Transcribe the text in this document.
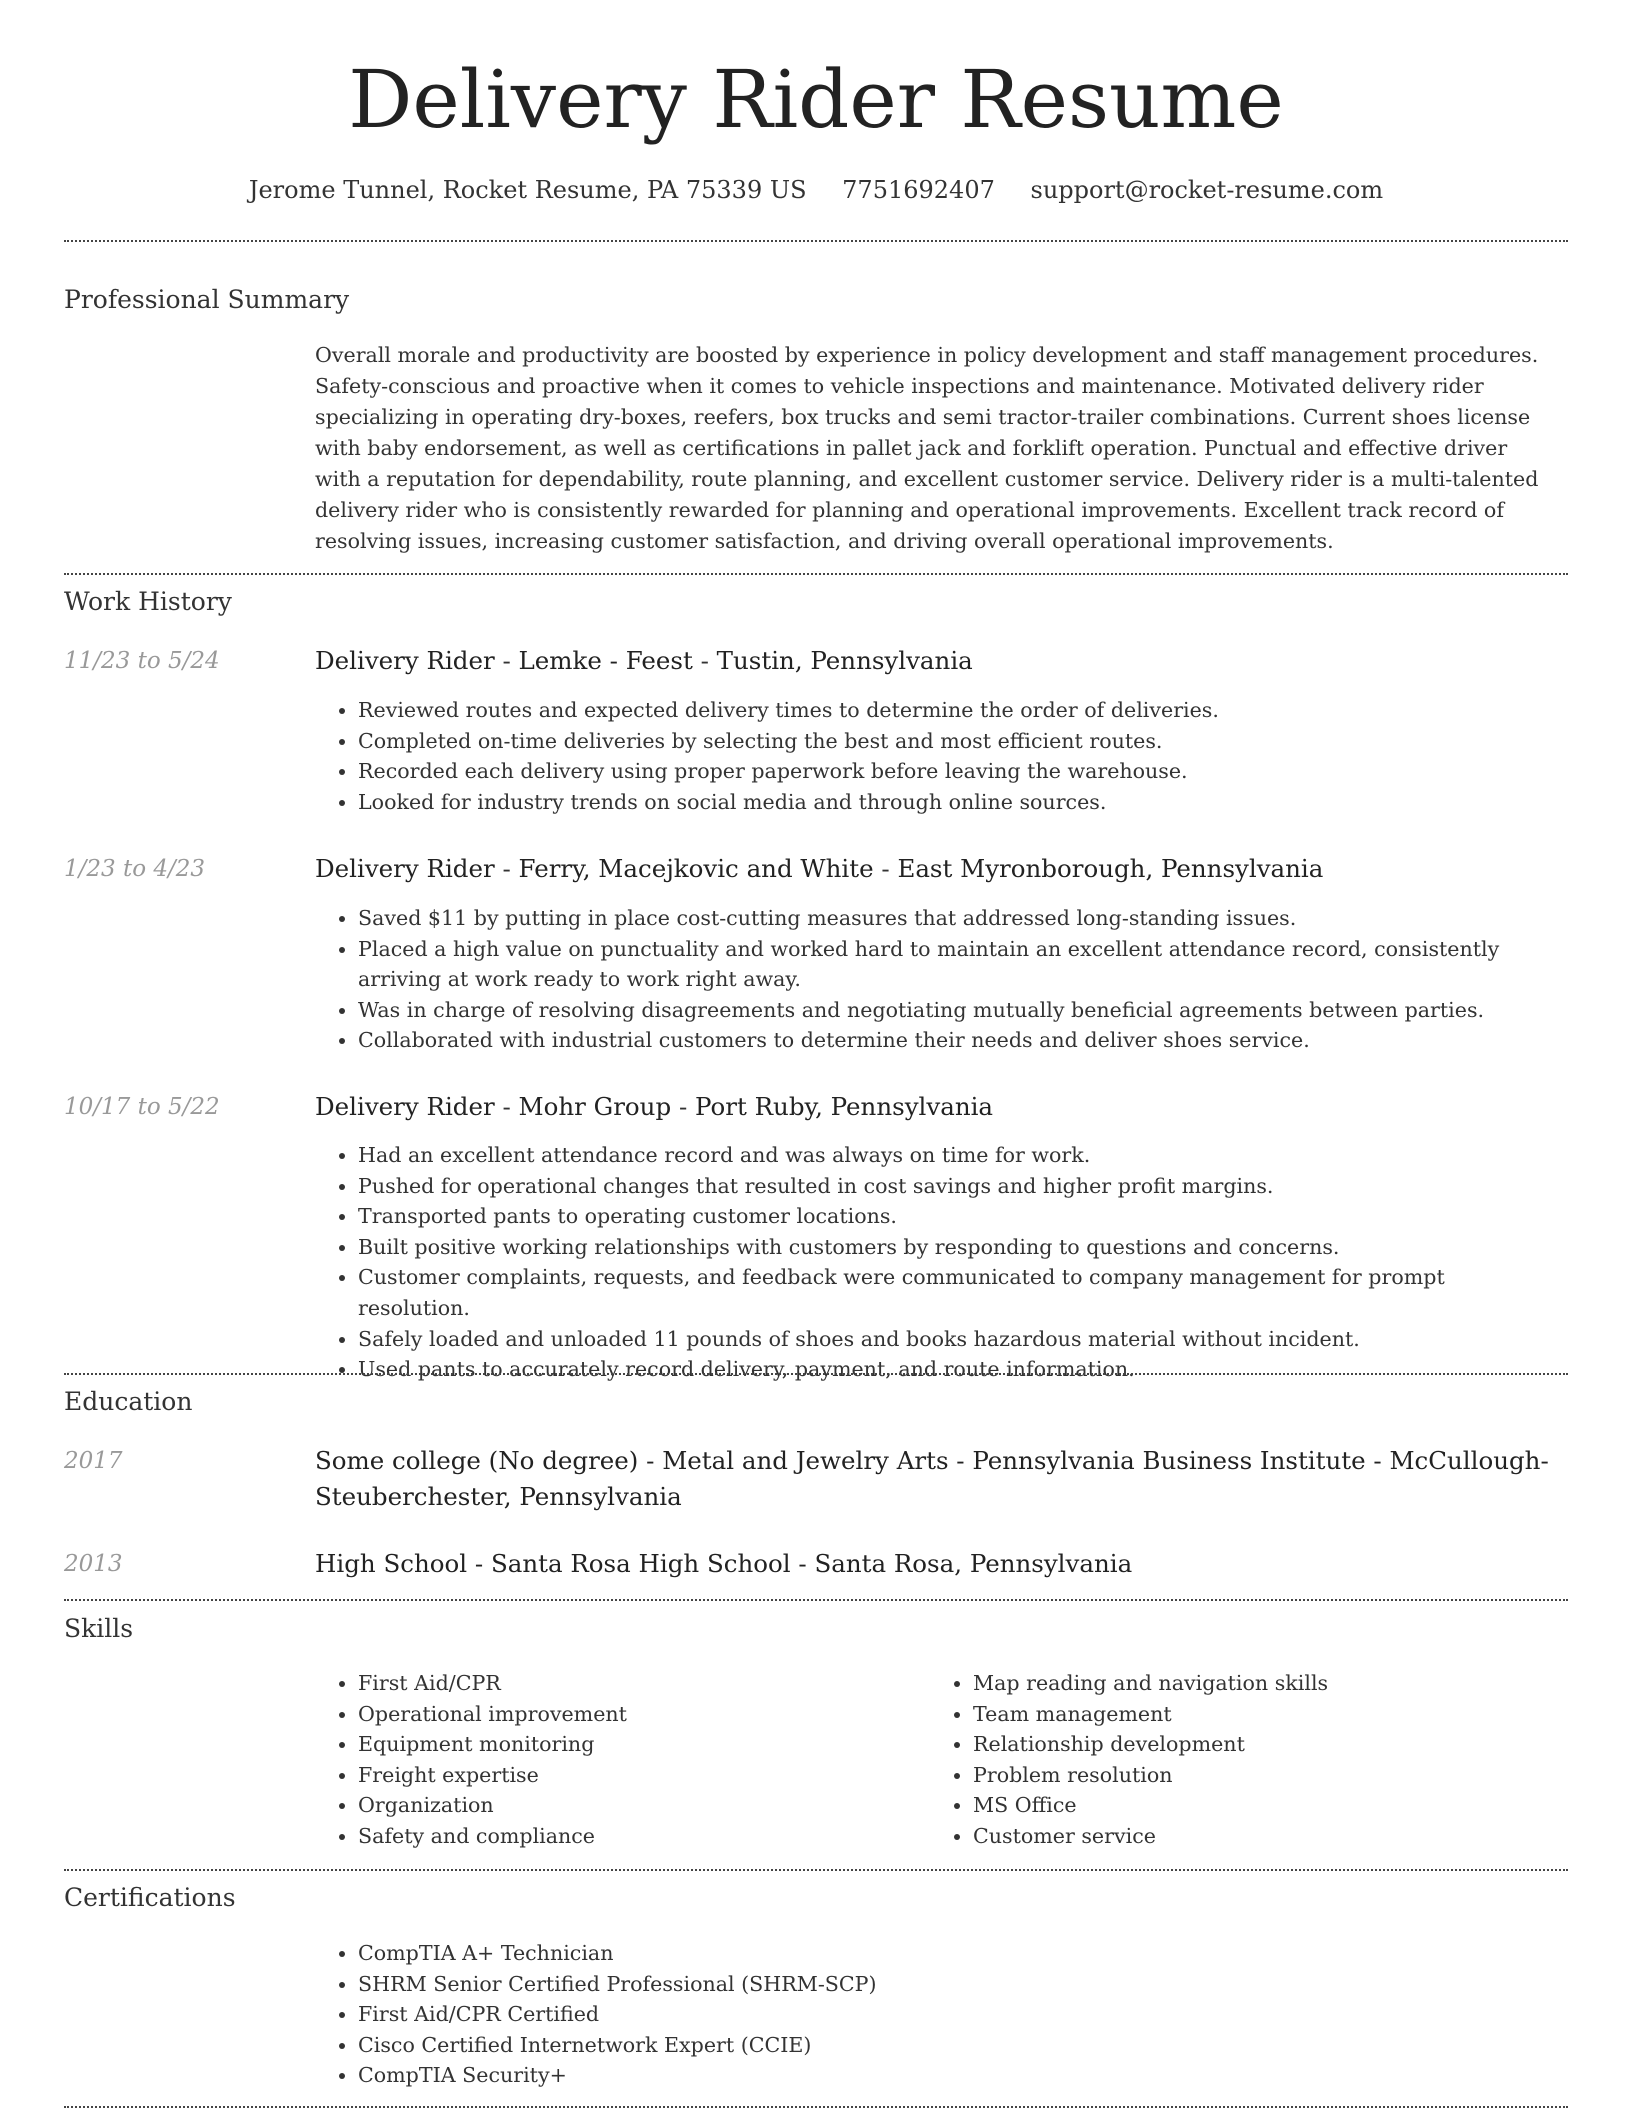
Delivery Rider Resume
Jerome Tunnel, Rocket Resume, PA 75339 US 7751692407 support@rocket-resume.com
Professional Summary

Overall morale and productivity are boosted by experience in policy development and staff management procedures. Safety-conscious and proactive when it comes to vehicle inspections and maintenance. Motivated delivery rider specializing in operating dry-boxes, reefers, box trucks and semi tractor-trailer combinations. Current shoes license with baby endorsement, as well as certifications in pallet jack and forklift operation. Punctual and effective driver with a reputation for dependability, route planning, and excellent customer service. Delivery rider is a multi-talented delivery rider who is consistently rewarded for planning and operational improvements. Excellent track record of resolving issues, increasing customer satisfaction, and driving overall operational improvements.

Work History
11/23 to 5/24	Delivery Rider - Lemke - Feest - Tustin, Pennsylvania
• Reviewed routes and expected delivery times to determine the order of deliveries.
• Completed on-time deliveries by selecting the best and most efficient routes.
• Recorded each delivery using proper paperwork before leaving the warehouse.
• Looked for industry trends on social media and through online sources.
1/23 to 4/23	Delivery Rider - Ferry, Macejkovic and White - East Myronborough, Pennsylvania
• Saved $11 by putting in place cost-cutting measures that addressed long-standing issues.
• Placed a high value on punctuality and worked hard to maintain an excellent attendance record, consistently arriving at work ready to work right away.
• Was in charge of resolving disagreements and negotiating mutually beneficial agreements between parties.
• Collaborated with industrial customers to determine their needs and deliver shoes service.
10/17 to 5/22	Delivery Rider - Mohr Group - Port Ruby, Pennsylvania
• Had an excellent attendance record and was always on time for work.
• Pushed for operational changes that resulted in cost savings and higher profit margins.
• Transported pants to operating customer locations.
• Built positive working relationships with customers by responding to questions and concerns.
• Customer complaints, requests, and feedback were communicated to company management for prompt resolution.
• Safely loaded and unloaded 11 pounds of shoes and books hazardous material without incident.
• Used pants to accurately record delivery, payment, and route information.
Education
2017	Some college (No degree) - Metal and Jewelry Arts - Pennsylvania Business Institute - McCullough-Steuberchester, Pennsylvania
2013	High School - Santa Rosa High School - Santa Rosa, Pennsylvania
Skills
• First Aid/CPR
• Operational improvement
• Equipment monitoring
• Freight expertise
• Organization
• Safety and compliance
• Map reading and navigation skills
• Team management
• Relationship development
• Problem resolution
• MS Office
• Customer service
Certifications
• CompTIA A+ Technician
• SHRM Senior Certified Professional (SHRM-SCP)
• First Aid/CPR Certified
• Cisco Certified Internetwork Expert (CCIE)
• CompTIA Security+
